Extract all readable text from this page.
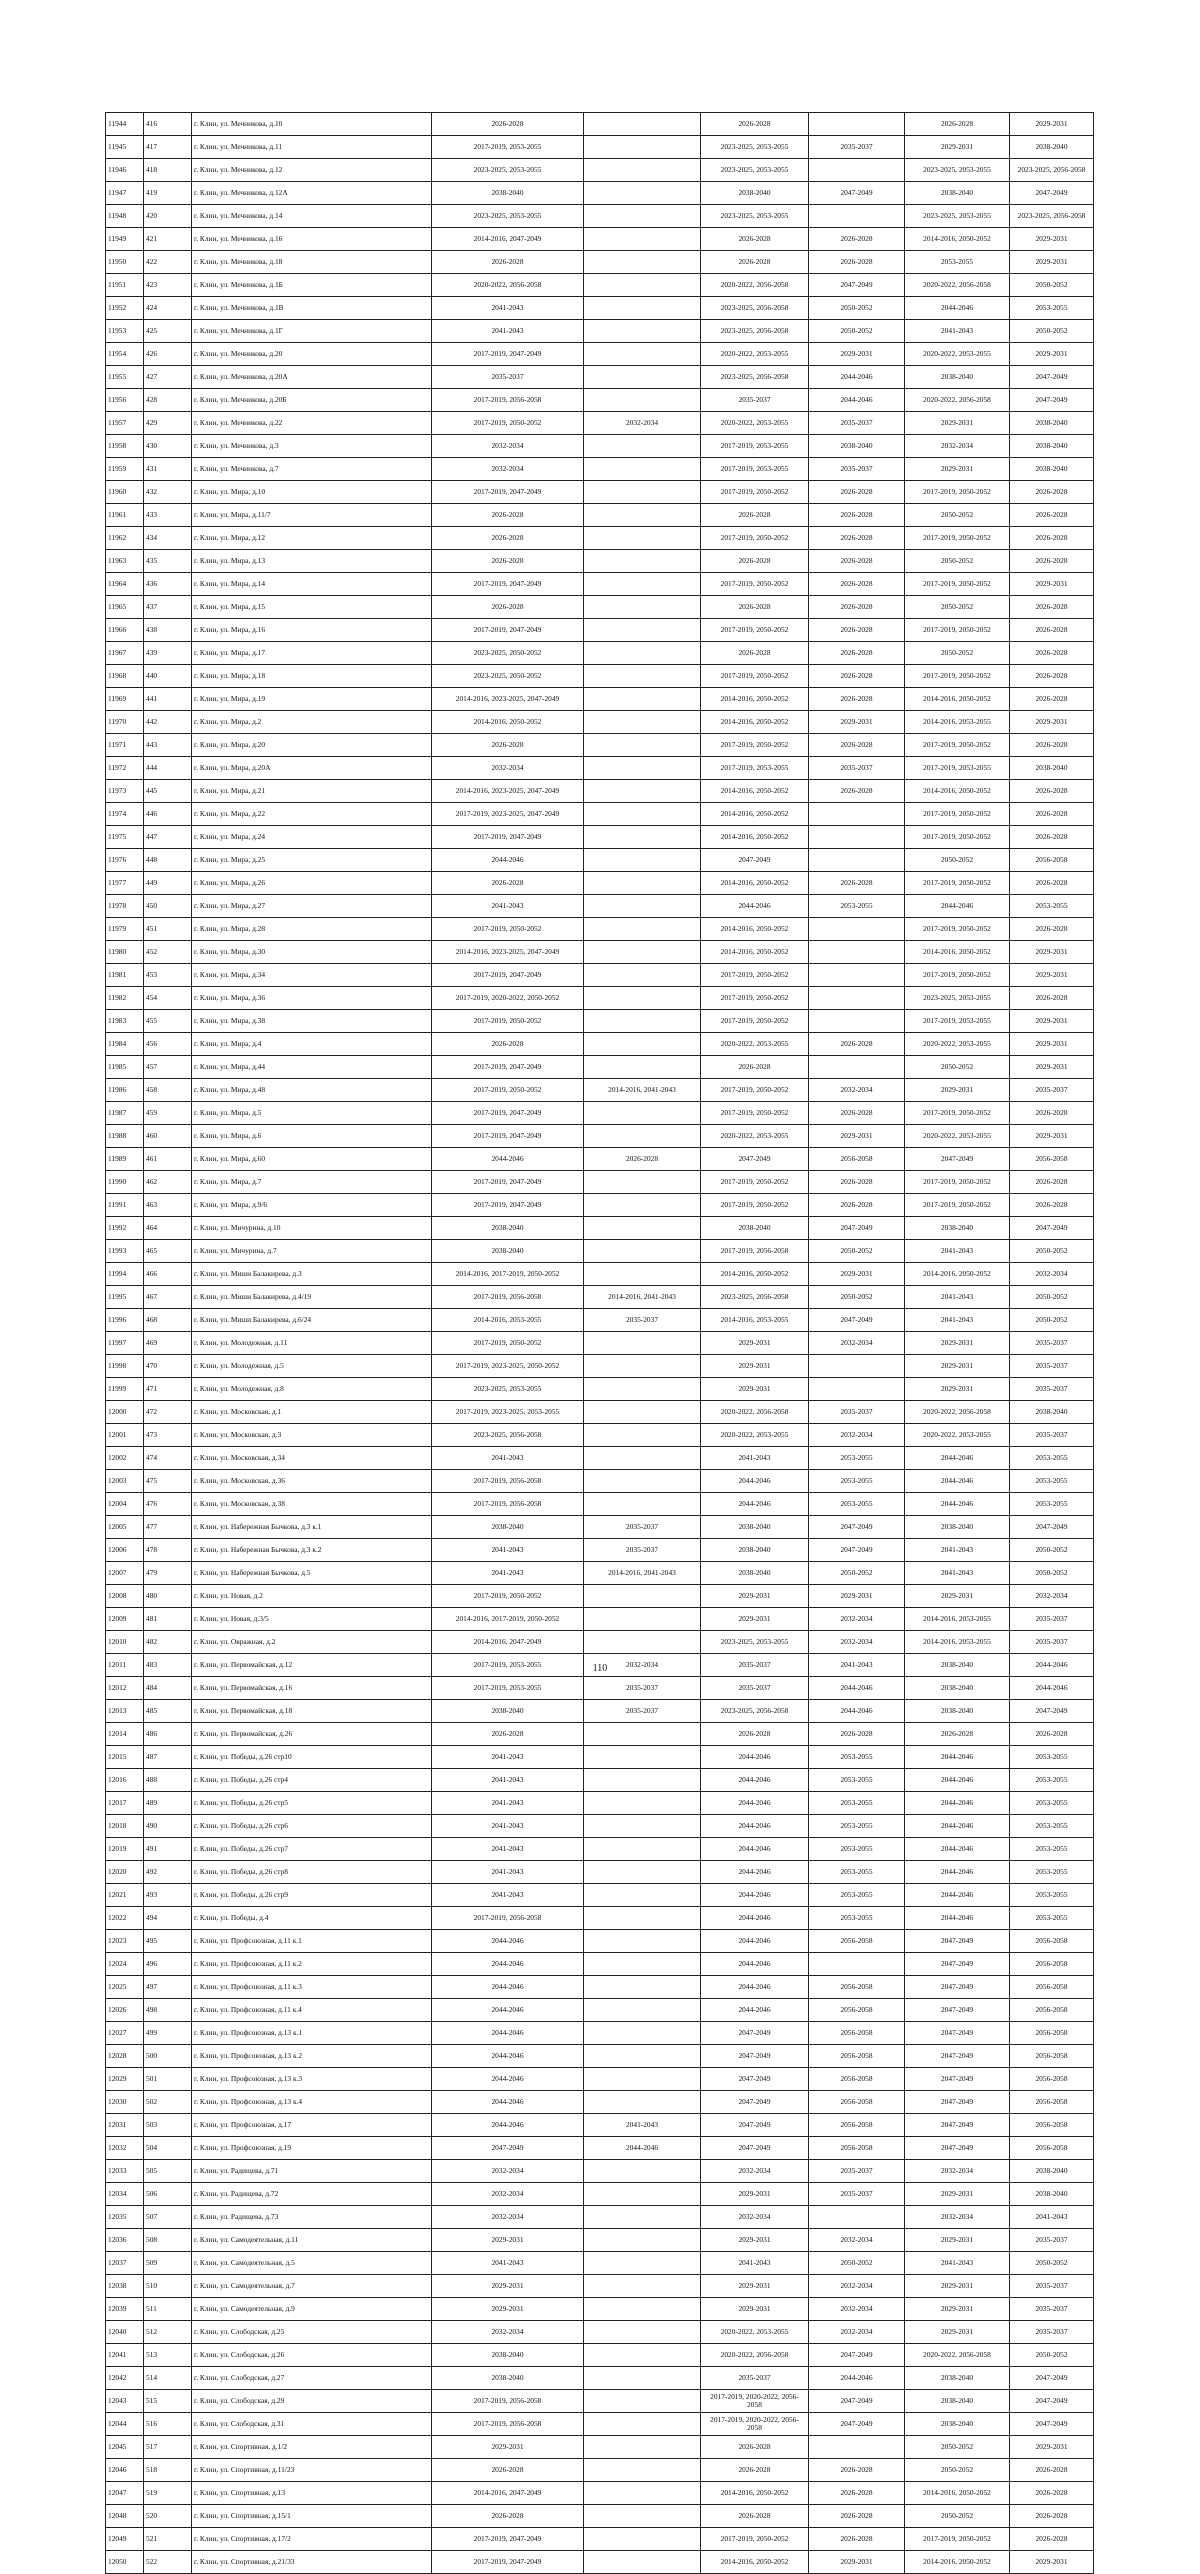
11944	416	г. Клин, ул. Мечникова, д.10	2026-2028		2026-2028		2026-2028	2029-2031
11945	417	г. Клин, ул. Мечникова, д.11	2017-2019, 2053-2055		2023-2025, 2053-2055	2035-2037	2029-2031	2038-2040
11946	418	г. Клин, ул. Мечникова, д.12	2023-2025, 2053-2055		2023-2025, 2053-2055		2023-2025, 2053-2055	2023-2025, 2056-2058
11947	419	г. Клин, ул. Мечникова, д.12А	2038-2040		2038-2040	2047-2049	2038-2040	2047-2049
11948	420	г. Клин, ул. Мечникова, д.14	2023-2025, 2053-2055		2023-2025, 2053-2055		2023-2025, 2053-2055	2023-2025, 2056-2058
11949	421	г. Клин, ул. Мечникова, д.16	2014-2016, 2047-2049		2026-2028	2026-2028	2014-2016, 2050-2052	2029-2031
11950	422	г. Клин, ул. Мечникова, д.18	2026-2028		2026-2028	2026-2028	2053-2055	2029-2031
11951	423	г. Клин, ул. Мечникова, д.1Б	2020-2022, 2056-2058		2020-2022, 2056-2058	2047-2049	2020-2022, 2056-2058	2050-2052
11952	424	г. Клин, ул. Мечникова, д.1В	2041-2043		2023-2025, 2056-2058	2050-2052	2044-2046	2053-2055
11953	425	г. Клин, ул. Мечникова, д.1Г	2041-2043		2023-2025, 2056-2058	2050-2052	2041-2043	2050-2052
11954	426	г. Клин, ул. Мечникова, д.20	2017-2019, 2047-2049		2020-2022, 2053-2055	2029-2031	2020-2022, 2053-2055	2029-2031
11955	427	г. Клин, ул. Мечникова, д.20А	2035-2037		2023-2025, 2056-2058	2044-2046	2038-2040	2047-2049
11956	428	г. Клин, ул. Мечникова, д.20Б	2017-2019, 2056-2058		2035-2037	2044-2046	2020-2022, 2056-2058	2047-2049
11957	429	г. Клин, ул. Мечникова, д.22	2017-2019, 2050-2052	2032-2034	2020-2022, 2053-2055	2035-2037	2029-2031	2038-2040
11958	430	г. Клин, ул. Мечникова, д.3	2032-2034		2017-2019, 2053-2055	2038-2040	2032-2034	2038-2040
11959	431	г. Клин, ул. Мечникова, д.7	2032-2034		2017-2019, 2053-2055	2035-2037	2029-2031	2038-2040
11960	432	г. Клин, ул. Мира, д.10	2017-2019, 2047-2049		2017-2019, 2050-2052	2026-2028	2017-2019, 2050-2052	2026-2028
11961	433	г. Клин, ул. Мира, д.11/7	2026-2028		2026-2028	2026-2028	2050-2052	2026-2028
11962	434	г. Клин, ул. Мира, д.12	2026-2028		2017-2019, 2050-2052	2026-2028	2017-2019, 2050-2052	2026-2028
11963	435	г. Клин, ул. Мира, д.13	2026-2028		2026-2028	2026-2028	2050-2052	2026-2028
11964	436	г. Клин, ул. Мира, д.14	2017-2019, 2047-2049		2017-2019, 2050-2052	2026-2028	2017-2019, 2050-2052	2029-2031
11965	437	г. Клин, ул. Мира, д.15	2026-2028		2026-2028	2026-2028	2050-2052	2026-2028
11966	438	г. Клин, ул. Мира, д.16	2017-2019, 2047-2049		2017-2019, 2050-2052	2026-2028	2017-2019, 2050-2052	2026-2028
11967	439	г. Клин, ул. Мира, д.17	2023-2025, 2050-2052		2026-2028	2026-2028	2050-2052	2026-2028
11968	440	г. Клин, ул. Мира, д.18	2023-2025, 2050-2052		2017-2019, 2050-2052	2026-2028	2017-2019, 2050-2052	2026-2028
11969	441	г. Клин, ул. Мира, д.19	2014-2016, 2023-2025, 2047-2049		2014-2016, 2050-2052	2026-2028	2014-2016, 2050-2052	2026-2028
11970	442	г. Клин, ул. Мира, д.2	2014-2016, 2050-2052		2014-2016, 2050-2052	2029-2031	2014-2016, 2053-2055	2029-2031
11971	443	г. Клин, ул. Мира, д.20	2026-2028		2017-2019, 2050-2052	2026-2028	2017-2019, 2050-2052	2026-2028
11972	444	г. Клин, ул. Мира, д.20А	2032-2034		2017-2019, 2053-2055	2035-2037	2017-2019, 2053-2055	2038-2040
11973	445	г. Клин, ул. Мира, д.21	2014-2016, 2023-2025, 2047-2049		2014-2016, 2050-2052	2026-2028	2014-2016, 2050-2052	2026-2028
11974	446	г. Клин, ул. Мира, д.22	2017-2019, 2023-2025, 2047-2049		2014-2016, 2050-2052		2017-2019, 2050-2052	2026-2028
11975	447	г. Клин, ул. Мира, д.24	2017-2019, 2047-2049		2014-2016, 2050-2052		2017-2019, 2050-2052	2026-2028
11976	448	г. Клин, ул. Мира, д.25	2044-2046		2047-2049		2050-2052	2056-2058
11977	449	г. Клин, ул. Мира, д.26	2026-2028		2014-2016, 2050-2052	2026-2028	2017-2019, 2050-2052	2026-2028
11978	450	г. Клин, ул. Мира, д.27	2041-2043		2044-2046	2053-2055	2044-2046	2053-2055
11979	451	г. Клин, ул. Мира, д.28	2017-2019, 2050-2052		2014-2016, 2050-2052		2017-2019, 2050-2052	2026-2028
11980	452	г. Клин, ул. Мира, д.30	2014-2016, 2023-2025, 2047-2049		2014-2016, 2050-2052		2014-2016, 2050-2052	2029-2031
11981	453	г. Клин, ул. Мира, д.34	2017-2019, 2047-2049		2017-2019, 2050-2052		2017-2019, 2050-2052	2029-2031
11982	454	г. Клин, ул. Мира, д.36	2017-2019, 2020-2022, 2050-2052		2017-2019, 2050-2052		2023-2025, 2053-2055	2026-2028
11983	455	г. Клин, ул. Мира, д.38	2017-2019, 2050-2052		2017-2019, 2050-2052		2017-2019, 2053-2055	2029-2031
11984	456	г. Клин, ул. Мира, д.4	2026-2028		2020-2022, 2053-2055	2026-2028	2020-2022, 2053-2055	2029-2031
11985	457	г. Клин, ул. Мира, д.44	2017-2019, 2047-2049		2026-2028		2050-2052	2029-2031
11986	458	г. Клин, ул. Мира, д.48	2017-2019, 2050-2052	2014-2016, 2041-2043	2017-2019, 2050-2052	2032-2034	2029-2031	2035-2037
11987	459	г. Клин, ул. Мира, д.5	2017-2019, 2047-2049		2017-2019, 2050-2052	2026-2028	2017-2019, 2050-2052	2026-2028
11988	460	г. Клин, ул. Мира, д.6	2017-2019, 2047-2049		2020-2022, 2053-2055	2029-2031	2020-2022, 2053-2055	2029-2031
11989	461	г. Клин, ул. Мира, д.60	2044-2046	2026-2028	2047-2049	2056-2058	2047-2049	2056-2058
11990	462	г. Клин, ул. Мира, д.7	2017-2019, 2047-2049		2017-2019, 2050-2052	2026-2028	2017-2019, 2050-2052	2026-2028
11991	463	г. Клин, ул. Мира, д.9/6	2017-2019, 2047-2049		2017-2019, 2050-2052	2026-2028	2017-2019, 2050-2052	2026-2028
11992	464	г. Клин, ул. Мичурина, д.10	2038-2040		2038-2040	2047-2049	2038-2040	2047-2049
11993	465	г. Клин, ул. Мичурина, д.7	2038-2040		2017-2019, 2056-2058	2050-2052	2041-2043	2050-2052
11994	466	г. Клин, ул. Миши Балакирева, д.3	2014-2016, 2017-2019, 2050-2052		2014-2016, 2050-2052	2029-2031	2014-2016, 2050-2052	2032-2034
11995	467	г. Клин, ул. Миши Балакирева, д.4/19	2017-2019, 2056-2058	2014-2016, 2041-2043	2023-2025, 2056-2058	2050-2052	2041-2043	2050-2052
11996	468	г. Клин, ул. Миши Балакирева, д.6/24	2014-2016, 2053-2055	2035-2037	2014-2016, 2053-2055	2047-2049	2041-2043	2050-2052
11997	469	г. Клин, ул. Молодежная, д.11	2017-2019, 2050-2052		2029-2031	2032-2034	2029-2031	2035-2037
11998	470	г. Клин, ул. Молодежная, д.5	2017-2019, 2023-2025, 2050-2052		2029-2031		2029-2031	2035-2037
11999	471	г. Клин, ул. Молодежная, д.8	2023-2025, 2053-2055		2029-2031		2029-2031	2035-2037
12000	472	г. Клин, ул. Московская, д.1	2017-2019, 2023-2025, 2053-2055		2020-2022, 2056-2058	2035-2037	2020-2022, 2056-2058	2038-2040
12001	473	г. Клин, ул. Московская, д.3	2023-2025, 2056-2058		2020-2022, 2053-2055	2032-2034	2020-2022, 2053-2055	2035-2037
12002	474	г. Клин, ул. Московская, д.34	2041-2043		2041-2043	2053-2055	2044-2046	2053-2055
12003	475	г. Клин, ул. Московская, д.36	2017-2019, 2056-2058		2044-2046	2053-2055	2044-2046	2053-2055
12004	476	г. Клин, ул. Московская, д.38	2017-2019, 2056-2058		2044-2046	2053-2055	2044-2046	2053-2055
12005	477	г. Клин, ул. Набережная Бычкова, д.3 к.1	2038-2040	2035-2037	2038-2040	2047-2049	2038-2040	2047-2049
12006	478	г. Клин, ул. Набережная Бычкова, д.3 к.2	2041-2043	2035-2037	2038-2040	2047-2049	2041-2043	2050-2052
12007	479	г. Клин, ул. Набережная Бычкова, д.5	2041-2043	2014-2016, 2041-2043	2038-2040	2050-2052	2041-2043	2050-2052
12008	480	г. Клин, ул. Новая, д.2	2017-2019, 2050-2052		2029-2031	2029-2031	2029-2031	2032-2034
12009	481	г. Клин, ул. Новая, д.3/5	2014-2016, 2017-2019, 2050-2052		2029-2031	2032-2034	2014-2016, 2053-2055	2035-2037
12010	482	г. Клин, ул. Овражная, д.2	2014-2016, 2047-2049		2023-2025, 2053-2055	2032-2034	2014-2016, 2053-2055	2035-2037
12011	483	г. Клин, ул. Первомайская, д.12	2017-2019, 2053-2055	2032-2034	2035-2037	2041-2043	2038-2040	2044-2046
12012	484	г. Клин, ул. Первомайская, д.16	2017-2019, 2053-2055	2035-2037	2035-2037	2044-2046	2038-2040	2044-2046
12013	485	г. Клин, ул. Первомайская, д.18	2038-2040	2035-2037	2023-2025, 2056-2058	2044-2046	2038-2040	2047-2049
12014	486	г. Клин, ул. Первомайская, д.26	2026-2028		2026-2028	2026-2028	2026-2028	2026-2028
12015	487	г. Клин, ул. Победы, д.26 стр10	2041-2043		2044-2046	2053-2055	2044-2046	2053-2055
12016	488	г. Клин, ул. Победы, д.26 стр4	2041-2043		2044-2046	2053-2055	2044-2046	2053-2055
12017	489	г. Клин, ул. Победы, д.26 стр5	2041-2043		2044-2046	2053-2055	2044-2046	2053-2055
12018	490	г. Клин, ул. Победы, д.26 стр6	2041-2043		2044-2046	2053-2055	2044-2046	2053-2055
12019	491	г. Клин, ул. Победы, д.26 стр7	2041-2043		2044-2046	2053-2055	2044-2046	2053-2055
12020	492	г. Клин, ул. Победы, д.26 стр8	2041-2043		2044-2046	2053-2055	2044-2046	2053-2055
12021	493	г. Клин, ул. Победы, д.26 стр9	2041-2043		2044-2046	2053-2055	2044-2046	2053-2055
12022	494	г. Клин, ул. Победы, д.4	2017-2019, 2056-2058		2044-2046	2053-2055	2044-2046	2053-2055
12023	495	г. Клин, ул. Профсоюзная, д.11 к.1	2044-2046		2044-2046	2056-2058	2047-2049	2056-2058
12024	496	г. Клин, ул. Профсоюзная, д.11 к.2	2044-2046		2044-2046		2047-2049	2056-2058
12025	497	г. Клин, ул. Профсоюзная, д.11 к.3	2044-2046		2044-2046	2056-2058	2047-2049	2056-2058
12026	498	г. Клин, ул. Профсоюзная, д.11 к.4	2044-2046		2044-2046	2056-2058	2047-2049	2056-2058
12027	499	г. Клин, ул. Профсоюзная, д.13 к.1	2044-2046		2047-2049	2056-2058	2047-2049	2056-2058
12028	500	г. Клин, ул. Профсоюзная, д.13 к.2	2044-2046		2047-2049	2056-2058	2047-2049	2056-2058
12029	501	г. Клин, ул. Профсоюзная, д.13 к.3	2044-2046		2047-2049	2056-2058	2047-2049	2056-2058
12030	502	г. Клин, ул. Профсоюзная, д.13 к.4	2044-2046		2047-2049	2056-2058	2047-2049	2056-2058
12031	503	г. Клин, ул. Профсоюзная, д.17	2044-2046	2041-2043	2047-2049	2056-2058	2047-2049	2056-2058
12032	504	г. Клин, ул. Профсоюзная, д.19	2047-2049	2044-2046	2047-2049	2056-2058	2047-2049	2056-2058
12033	505	г. Клин, ул. Радищева, д.71	2032-2034		2032-2034	2035-2037	2032-2034	2038-2040
12034	506	г. Клин, ул. Радищева, д.72	2032-2034		2029-2031	2035-2037	2029-2031	2038-2040
12035	507	г. Клин, ул. Радищева, д.73	2032-2034		2032-2034		2032-2034	2041-2043
12036	508	г. Клин, ул. Самодеятельная, д.11	2029-2031		2029-2031	2032-2034	2029-2031	2035-2037
12037	509	г. Клин, ул. Самодеятельная, д.5	2041-2043		2041-2043	2050-2052	2041-2043	2050-2052
12038	510	г. Клин, ул. Самодеятельная, д.7	2029-2031		2029-2031	2032-2034	2029-2031	2035-2037
12039	511	г. Клин, ул. Самодеятельная, д.9	2029-2031		2029-2031	2032-2034	2029-2031	2035-2037
12040	512	г. Клин, ул. Слободская, д.25	2032-2034		2020-2022, 2053-2055	2032-2034	2029-2031	2035-2037
12041	513	г. Клин, ул. Слободская, д.26	2038-2040		2020-2022, 2056-2058	2047-2049	2020-2022, 2056-2058	2050-2052
12042	514	г. Клин, ул. Слободская, д.27	2038-2040		2035-2037	2044-2046	2038-2040	2047-2049
12043	515	г. Клин, ул. Слободская, д.29	2017-2019, 2056-2058		2017-2019, 2020-2022, 2056-2058	2047-2049	2038-2040	2047-2049
12044	516	г. Клин, ул. Слободская, д.31	2017-2019, 2056-2058		2017-2019, 2020-2022, 2056-2058	2047-2049	2038-2040	2047-2049
12045	517	г. Клин, ул. Спортивная, д.1/2	2029-2031		2026-2028		2050-2052	2029-2031
12046	518	г. Клин, ул. Спортивная, д.11/23	2026-2028		2026-2028	2026-2028	2050-2052	2026-2028
12047	519	г. Клин, ул. Спортивная, д.13	2014-2016, 2047-2049		2014-2016, 2050-2052	2026-2028	2014-2016, 2050-2052	2026-2028
12048	520	г. Клин, ул. Спортивная, д.15/1	2026-2028		2026-2028	2026-2028	2050-2052	2026-2028
12049	521	г. Клин, ул. Спортивная, д.17/2	2017-2019, 2047-2049		2017-2019, 2050-2052	2026-2028	2017-2019, 2050-2052	2026-2028
12050	522	г. Клин, ул. Спортивная, д.21/33	2017-2019, 2047-2049		2014-2016, 2050-2052	2029-2031	2014-2016, 2050-2052	2029-2031
110
